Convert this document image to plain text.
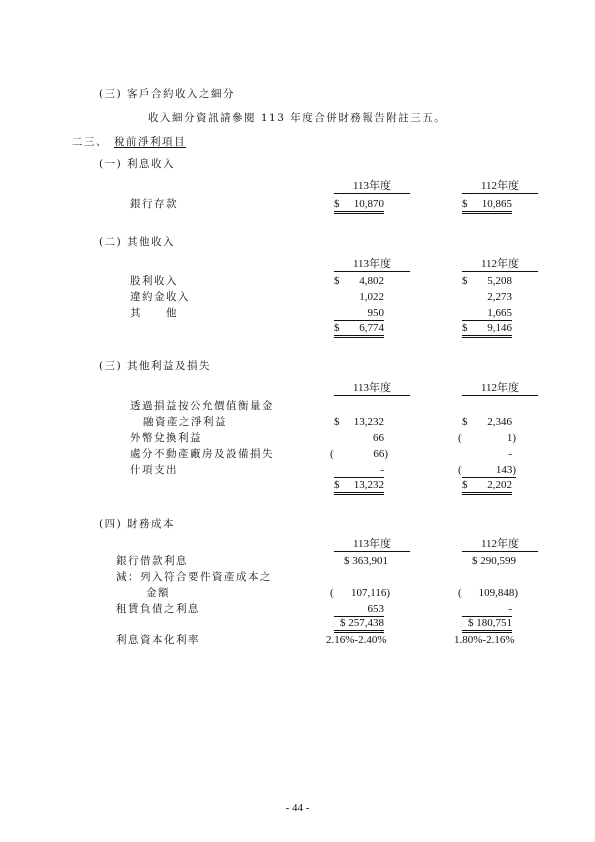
(三) 客戶合約收入之細分
收入細分資訊請參閱 113 年度合併財務報告附註三五。
二三、 稅前淨利項目
(一) 利息收入
113年度	112年度
銀行存款	$ 10,870	$ 10,865
(二) 其他收入
113年度	112年度
股利收入	$	4,802	$	5,208
違約金收入	1,022	2,273
其　　他	950	1,665
$ 6,774	$ 9,146
(三) 其他利益及損失
113年度	112年度
透過損益按公允價值衡量金
融資產之淨利益	$	13,232	$	2,346
外幣兌換利益	66	(	1)
處分不動產廠房及設備損失	(	66)	-
什項支出	-	(	143)
$ 13,232	$ 2,202
(四) 財務成本
113年度	112年度
銀行借款利息	$ 363,901	$ 290,599
減：列入符合要件資產成本之
金額	(	107,116)	(	109,848)
租賃負債之利息	653	-
$ 257,438	$ 180,751
利息資本化利率	2.16%-2.40%	1.80%-2.16%
- 44 -
